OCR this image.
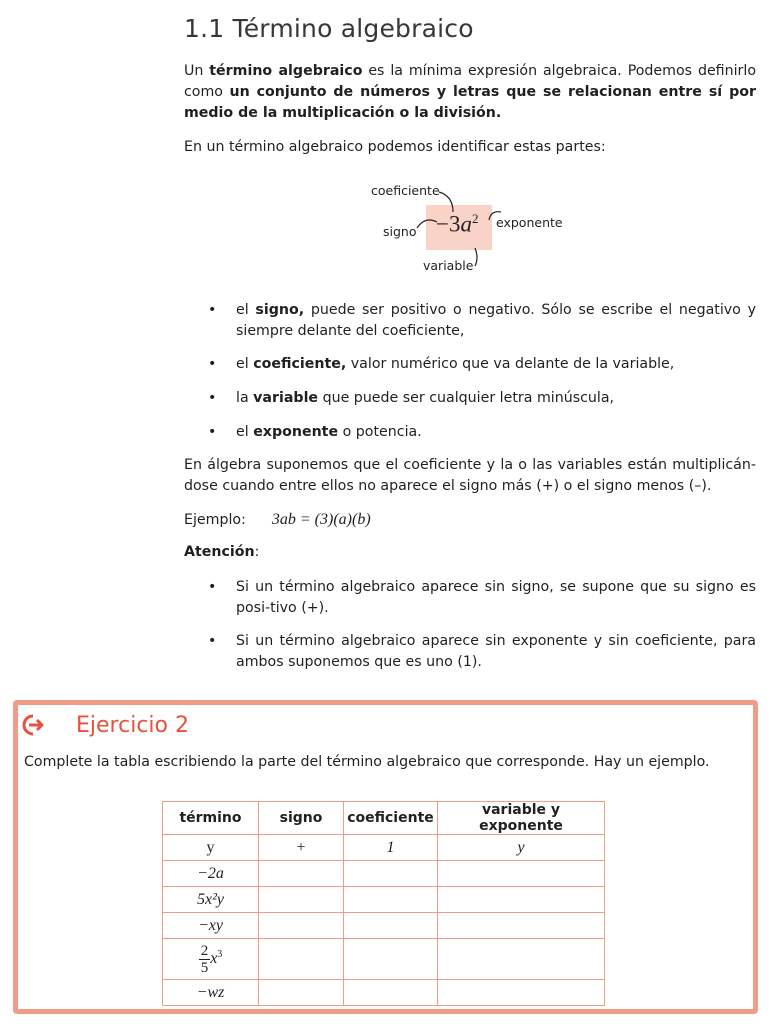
1.1 Término algebraico

Un término algebraico es la mínima expresión algebraica. Podemos definirlo como un conjunto de números y letras que se relacionan entre sí por medio de la multiplicación o la división.

En un término algebraico podemos identificar estas partes:

$-3a^2$
coeficiente
signo
exponente
variable
• el signo, puede ser positivo o negativo. Sólo se escribe el negativo y siempre delante del coeficiente,
• el coeficiente, valor numérico que va delante de la variable,
• la variable que puede ser cualquier letra minúscula,
• el exponente o potencia.

En álgebra suponemos que el coeficiente y la o las variables están multiplicán-dose cuando entre ellos no aparece el signo más (+) o el signo menos (–).

Ejemplo: 3ab = (3)(a)(b)

Atención:

• Si un término algebraico aparece sin signo, se supone que su signo es posi-tivo (+).
• Si un término algebraico aparece sin exponente y sin coeficiente, para ambos suponemos que es uno (1).
Ejercicio 2

Complete la tabla escribiendo la parte del término algebraico que corresponde. Hay un ejemplo.

término	signo	coeficiente	variable y exponente
y	+	1	y
−2a			
5x²y			
−xy			

$\frac{2}{5} x^3$			
−wz			
